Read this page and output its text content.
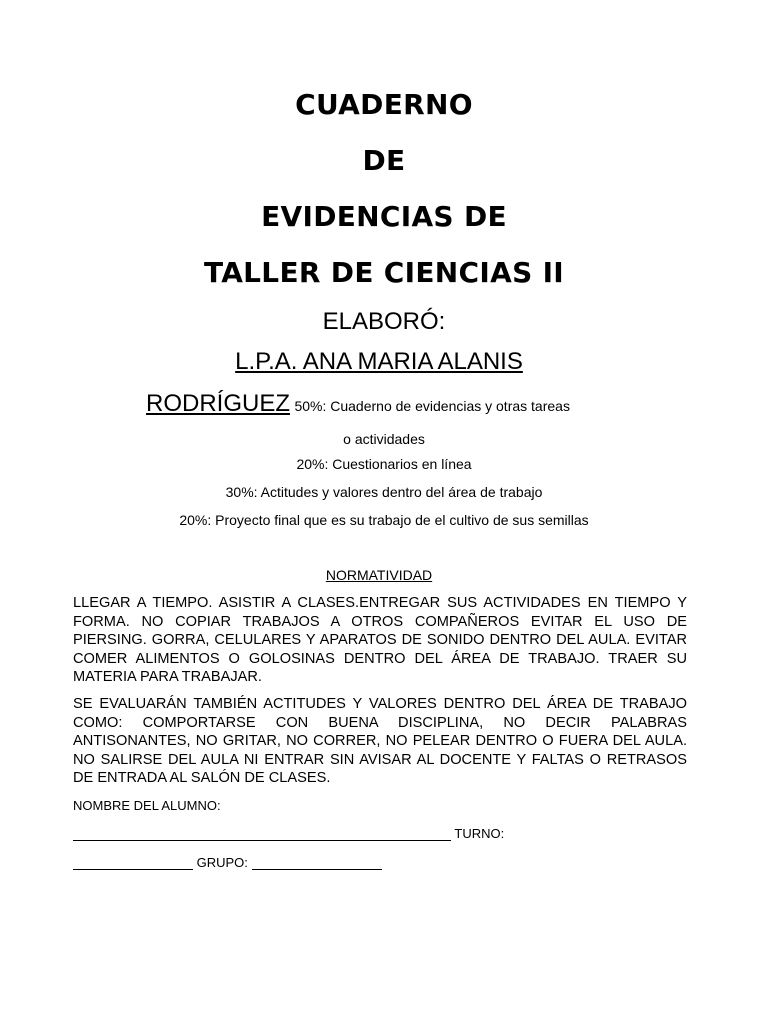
CUADERNO
DE
EVIDENCIAS DE
TALLER DE CIENCIAS II
ELABORÓ:
L.P.A. ANA MARIA ALANIS
RODRÍGUEZ 50%: Cuaderno de evidencias y otras tareas
o actividades
20%: Cuestionarios en línea
30%: Actitudes y valores dentro del área de trabajo
20%: Proyecto final que es su trabajo de el cultivo de sus semillas
NORMATIVIDAD

LLEGAR A TIEMPO. ASISTIR A CLASES.ENTREGAR SUS ACTIVIDADES EN TIEMPO Y FORMA. NO COPIAR TRABAJOS A OTROS COMPAÑEROS EVITAR EL USO DE PIERSING. GORRA, CELULARES Y APARATOS DE SONIDO DENTRO DEL AULA. EVITAR COMER ALIMENTOS O GOLOSINAS DENTRO DEL ÁREA DE TRABAJO. TRAER SU MATERIA PARA TRABAJAR.

SE EVALUARÁN TAMBIÉN ACTITUDES Y VALORES DENTRO DEL ÁREA DE TRABAJO COMO: COMPORTARSE CON BUENA DISCIPLINA, NO DECIR PALABRAS ANTISONANTES, NO GRITAR, NO CORRER, NO PELEAR DENTRO O FUERA DEL AULA. NO SALIRSE DEL AULA NI ENTRAR SIN AVISAR AL DOCENTE Y FALTAS O RETRASOS DE ENTRADA AL SALÓN DE CLASES.

NOMBRE DEL ALUMNO:
TURNO:
GRUPO:
